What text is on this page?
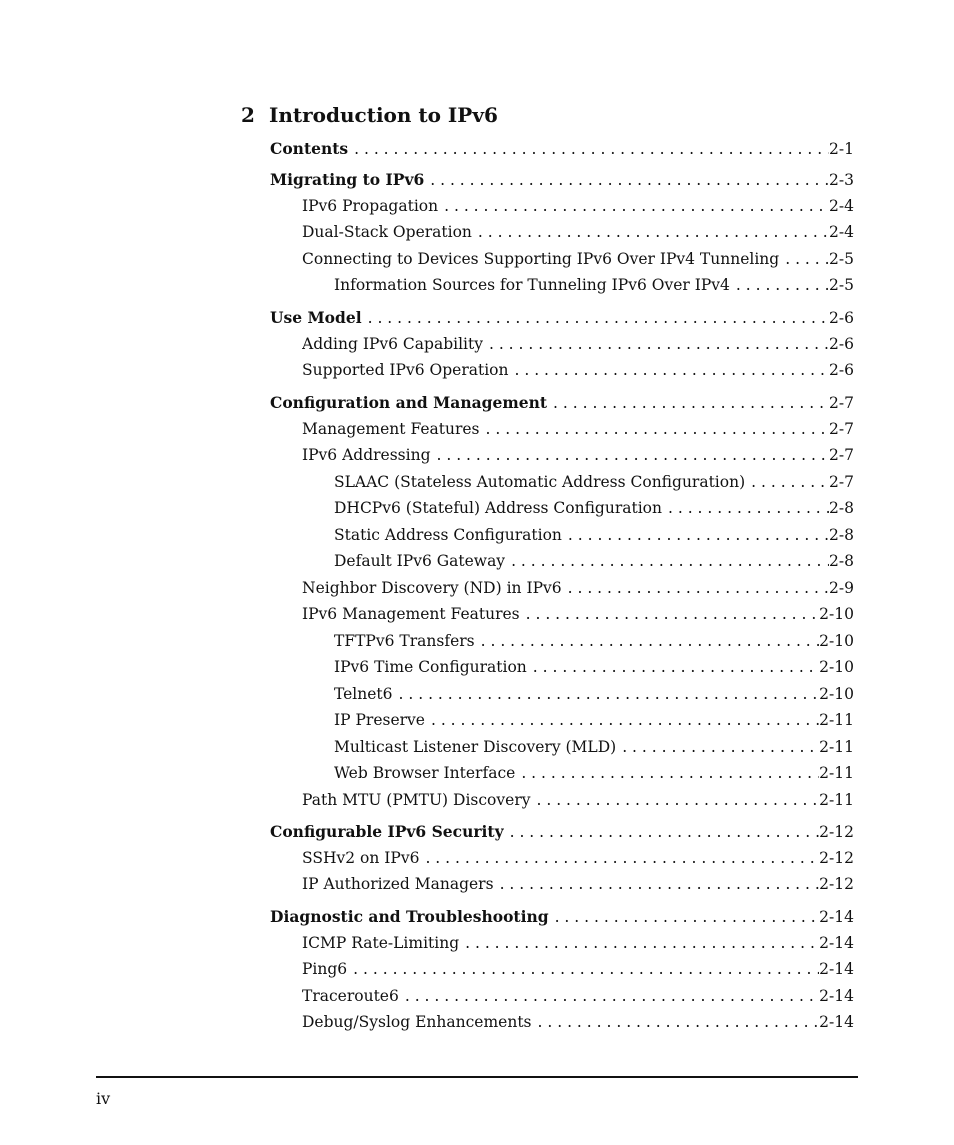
2 Introduction to IPv6
Contents . . .	2-1
Migrating to IPv6 . . .	2-3
IPv6 Propagation . . .	2-4
Dual-Stack Operation . . .	2-4
Connecting to Devices Supporting IPv6 Over IPv4 Tunneling . . .	2-5
Information Sources for Tunneling IPv6 Over IPv4 . . .	2-5
Use Model . . .	2-6
Adding IPv6 Capability . . .	2-6
Supported IPv6 Operation . . .	2-6
Configuration and Management . . .	2-7
Management Features . . .	2-7
IPv6 Addressing . . .	2-7
SLAAC (Stateless Automatic Address Configuration) . . .	2-7
DHCPv6 (Stateful) Address Configuration . . .	2-8
Static Address Configuration . . .	2-8
Default IPv6 Gateway . . .	2-8
Neighbor Discovery (ND) in IPv6 . . .	2-9
IPv6 Management Features . . .	2-10
TFTPv6 Transfers . . .	2-10
IPv6 Time Configuration . . .	2-10
Telnet6 . . .	2-10
IP Preserve . . .	2-11
Multicast Listener Discovery (MLD) . . .	2-11
Web Browser Interface . . .	2-11
Path MTU (PMTU) Discovery . . .	2-11
Configurable IPv6 Security . . .	2-12
SSHv2 on IPv6 . . .	2-12
IP Authorized Managers . . .	2-12
Diagnostic and Troubleshooting . . .	2-14
ICMP Rate-Limiting . . .	2-14
Ping6 . . .	2-14
Traceroute6 . . .	2-14
Debug/Syslog Enhancements . . .	2-14
iv
